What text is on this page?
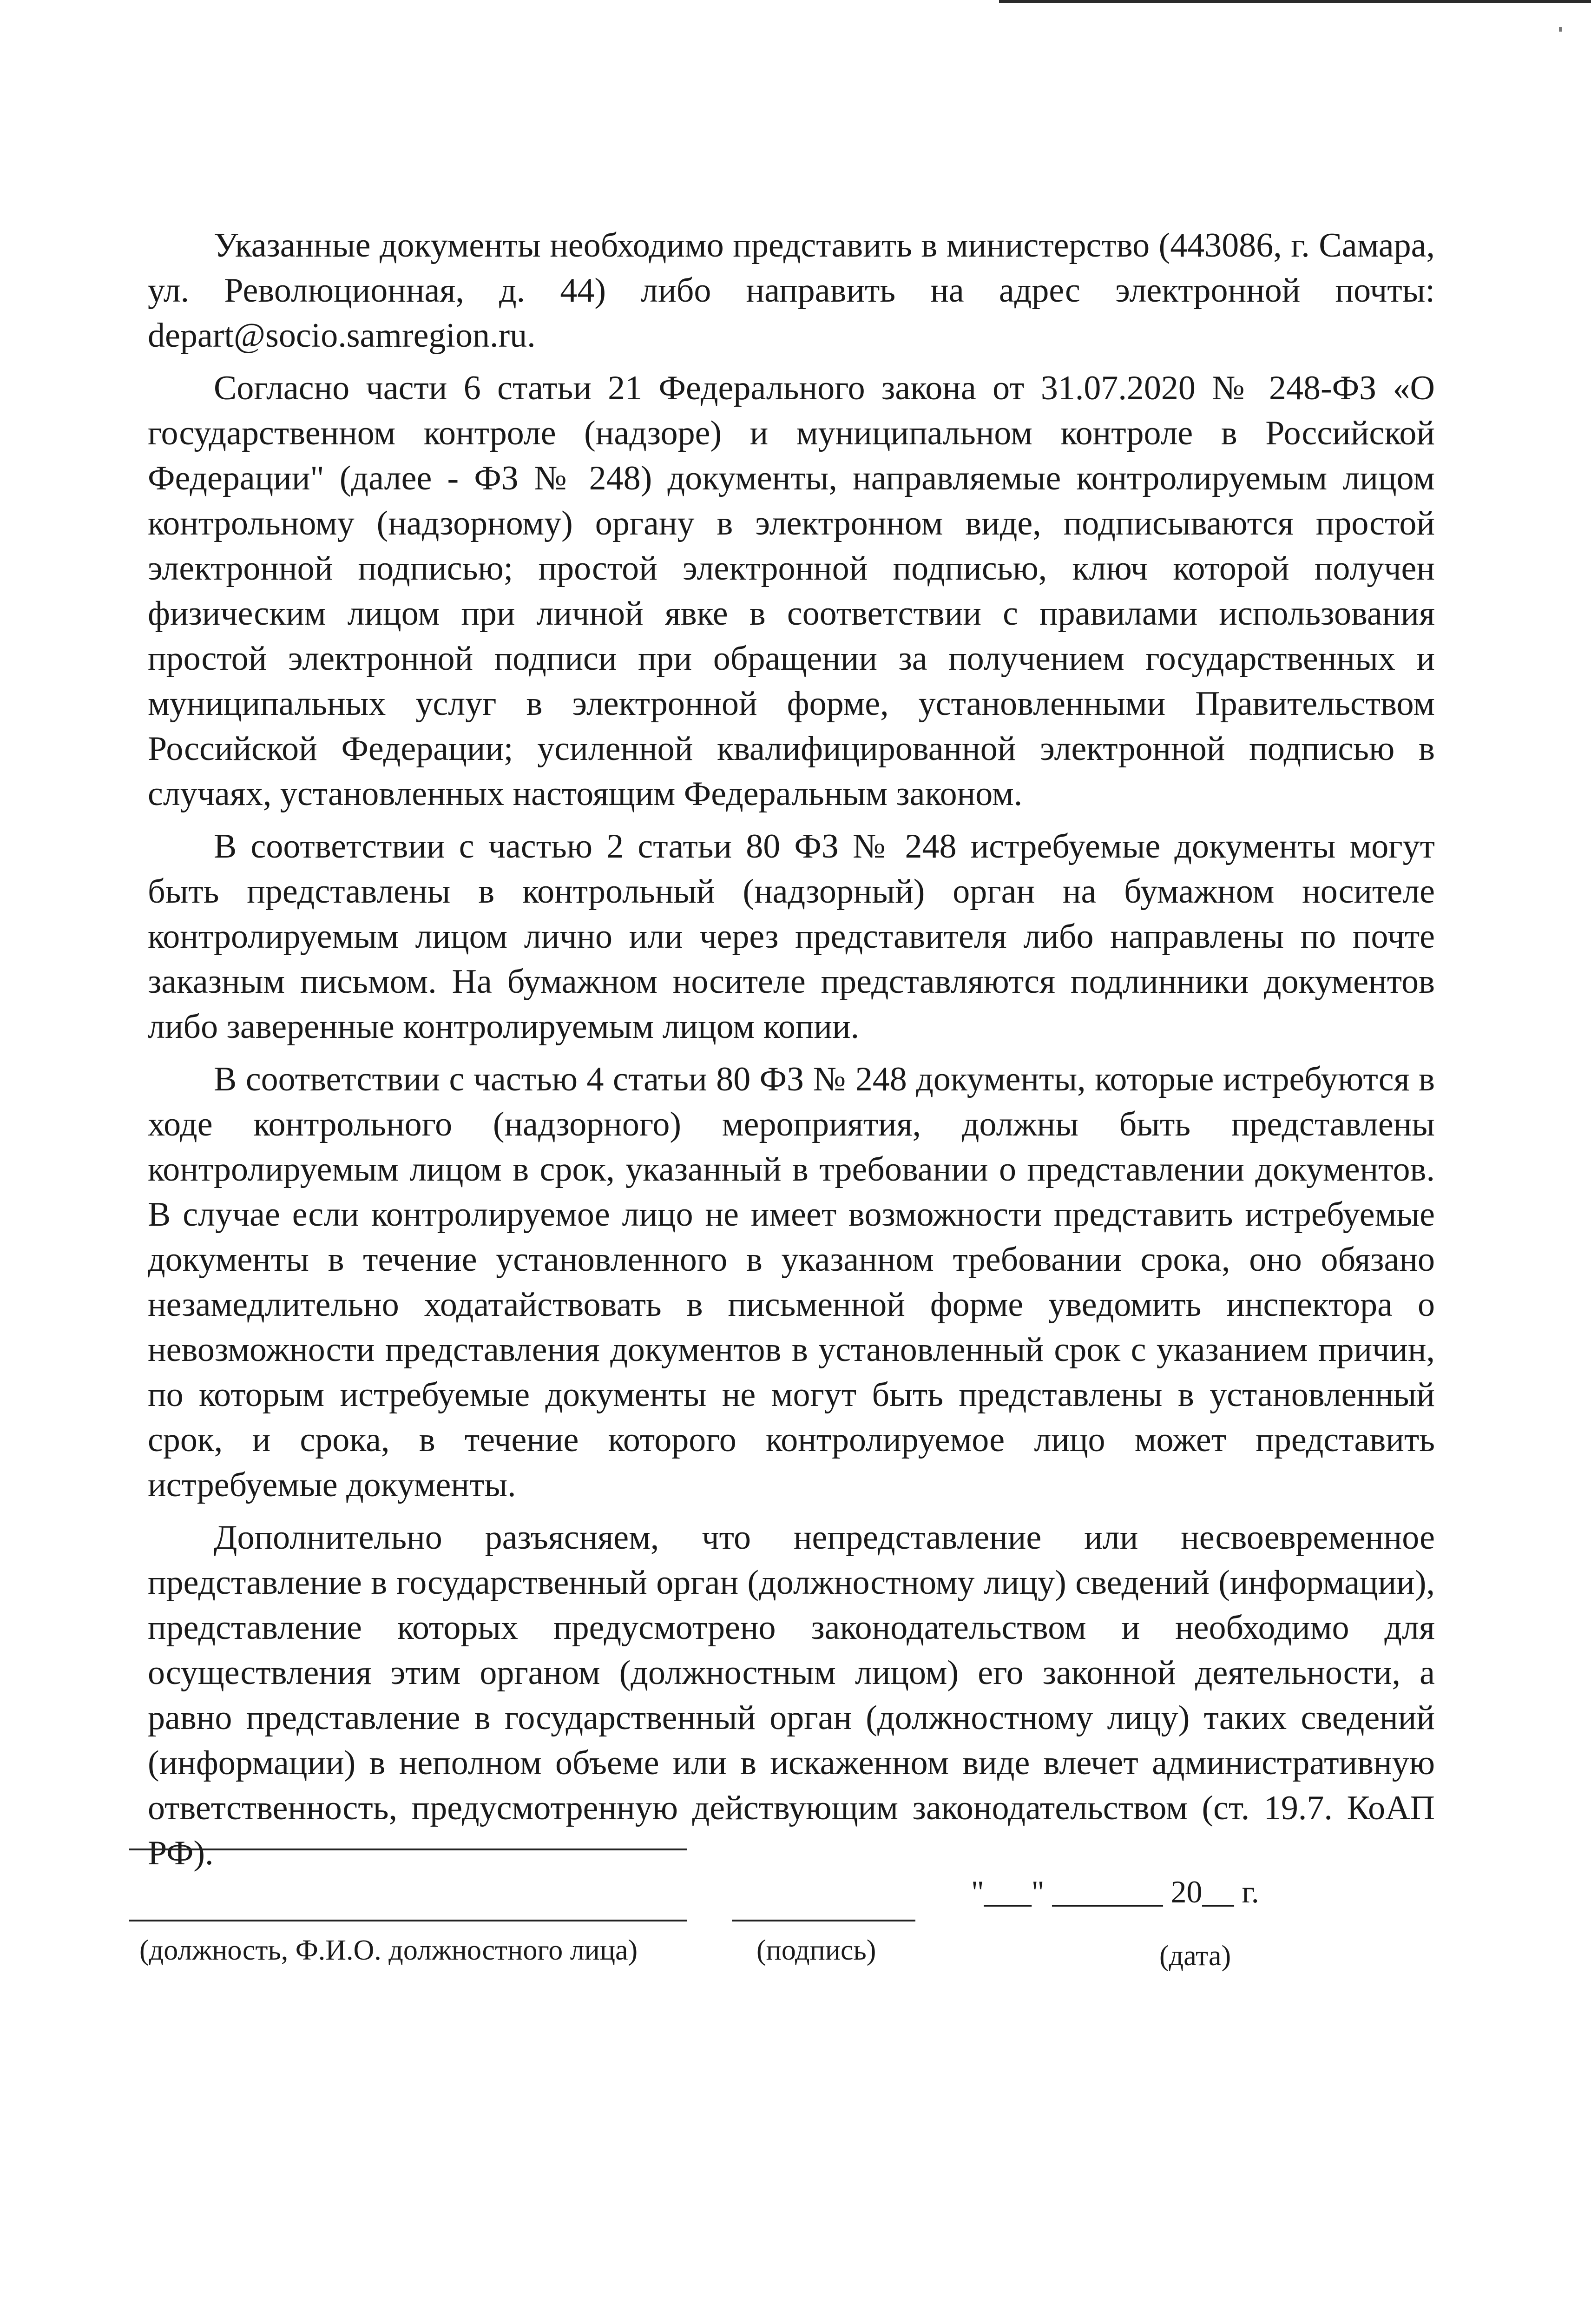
Указанные документы необходимо представить в министерство (443086, г. Самара, ул. Революционная, д. 44) либо направить на адрес электронной почты: depart@socio.samregion.ru.

Согласно части 6 статьи 21 Федерального закона от 31.07.2020 № 248-ФЗ «О государственном контроле (надзоре) и муниципальном контроле в Российской Федерации" (далее - ФЗ № 248) документы, направляемые контролируемым лицом контрольному (надзорному) органу в электронном виде, подписываются простой электронной подписью; простой электронной подписью, ключ которой получен физическим лицом при личной явке в соответствии с правилами использования простой электронной подписи при обращении за получением государственных и муниципальных услуг в электронной форме, установленными Правительством Российской Федерации; усиленной квалифицированной электронной подписью в случаях, установленных настоящим Федеральным законом.

В соответствии с частью 2 статьи 80 ФЗ № 248 истребуемые документы могут быть представлены в контрольный (надзорный) орган на бумажном носителе контролируемым лицом лично или через представителя либо направлены по почте заказным письмом. На бумажном носителе представляются подлинники документов либо заверенные контролируемым лицом копии.

В соответствии с частью 4 статьи 80 ФЗ № 248 документы, которые истребуются в ходе контрольного (надзорного) мероприятия, должны быть представлены контролируемым лицом в срок, указанный в требовании о представлении документов. В случае если контролируемое лицо не имеет возможности представить истребуемые документы в течение установленного в указанном требовании срока, оно обязано незамедлительно ходатайствовать в письменной форме уведомить инспектора о невозможности представления документов в установленный срок с указанием причин, по которым истребуемые документы не могут быть представлены в установленный срок, и срока, в течение которого контролируемое лицо может представить истребуемые документы.

Дополнительно разъясняем, что непредставление или несвоевременное представление в государственный орган (должностному лицу) сведений (информации), представление которых предусмотрено законодательством и необходимо для осуществления этим органом (должностным лицом) его законной деятельности, а равно представление в государственный орган (должностному лицу) таких сведений (информации) в неполном объеме или в искаженном виде влечет административную ответственность, предусмотренную действующим законодательством (ст. 19.7. КоАП РФ).

"___" _______ 20__ г.
(должность, Ф.И.О. должностного лица)	(подпись)	(дата)
